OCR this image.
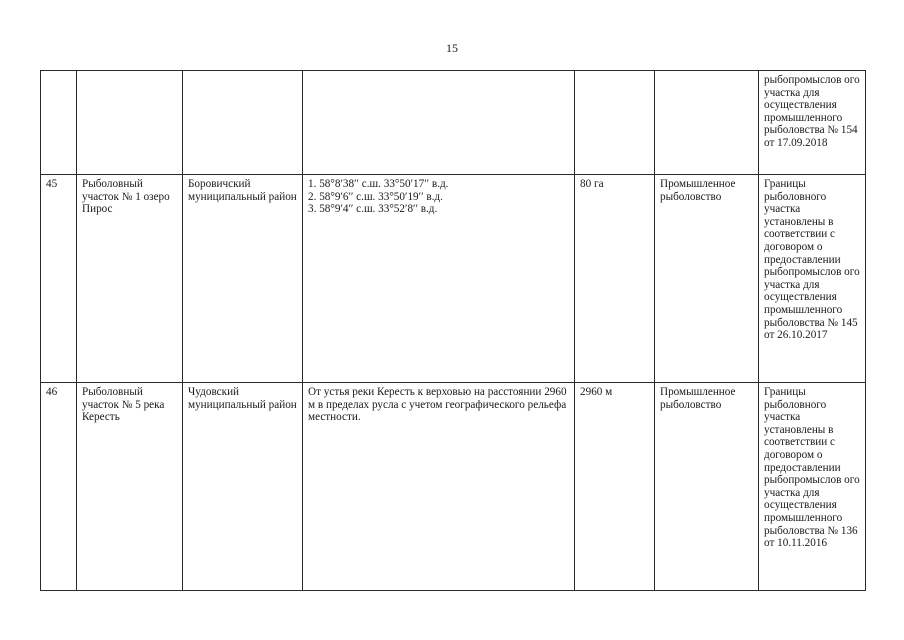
15
						рыбопромыслов ого участка для осуществления промышленного рыболовства № 154 от 17.09.2018
45	Рыболовный участок № 1 озеро Пирос	Боровичский муниципальный район	1. 58°8′38′′ с.ш. 33°50′17′′ в.д.
2. 58°9′6′′ с.ш. 33°50′19′′ в.д.
3. 58°9′4′′ с.ш. 33°52′8′′ в.д.	80 га	Промышленное рыболовство	Границы рыболовного участка установлены в соответствии с договором о предоставлении рыбопромыслов ого участка для осуществления промышленного рыболовства № 145 от 26.10.2017
46	Рыболовный участок № 5 река Кересть	Чудовский муниципальный район	От устья реки Кересть к верховью на расстоянии 2960 м в пределах русла с учетом географического рельефа местности.	2960 м	Промышленное рыболовство	Границы рыболовного участка установлены в соответствии с договором о предоставлении рыбопромыслов ого участка для осуществления промышленного рыболовства № 136 от 10.11.2016
